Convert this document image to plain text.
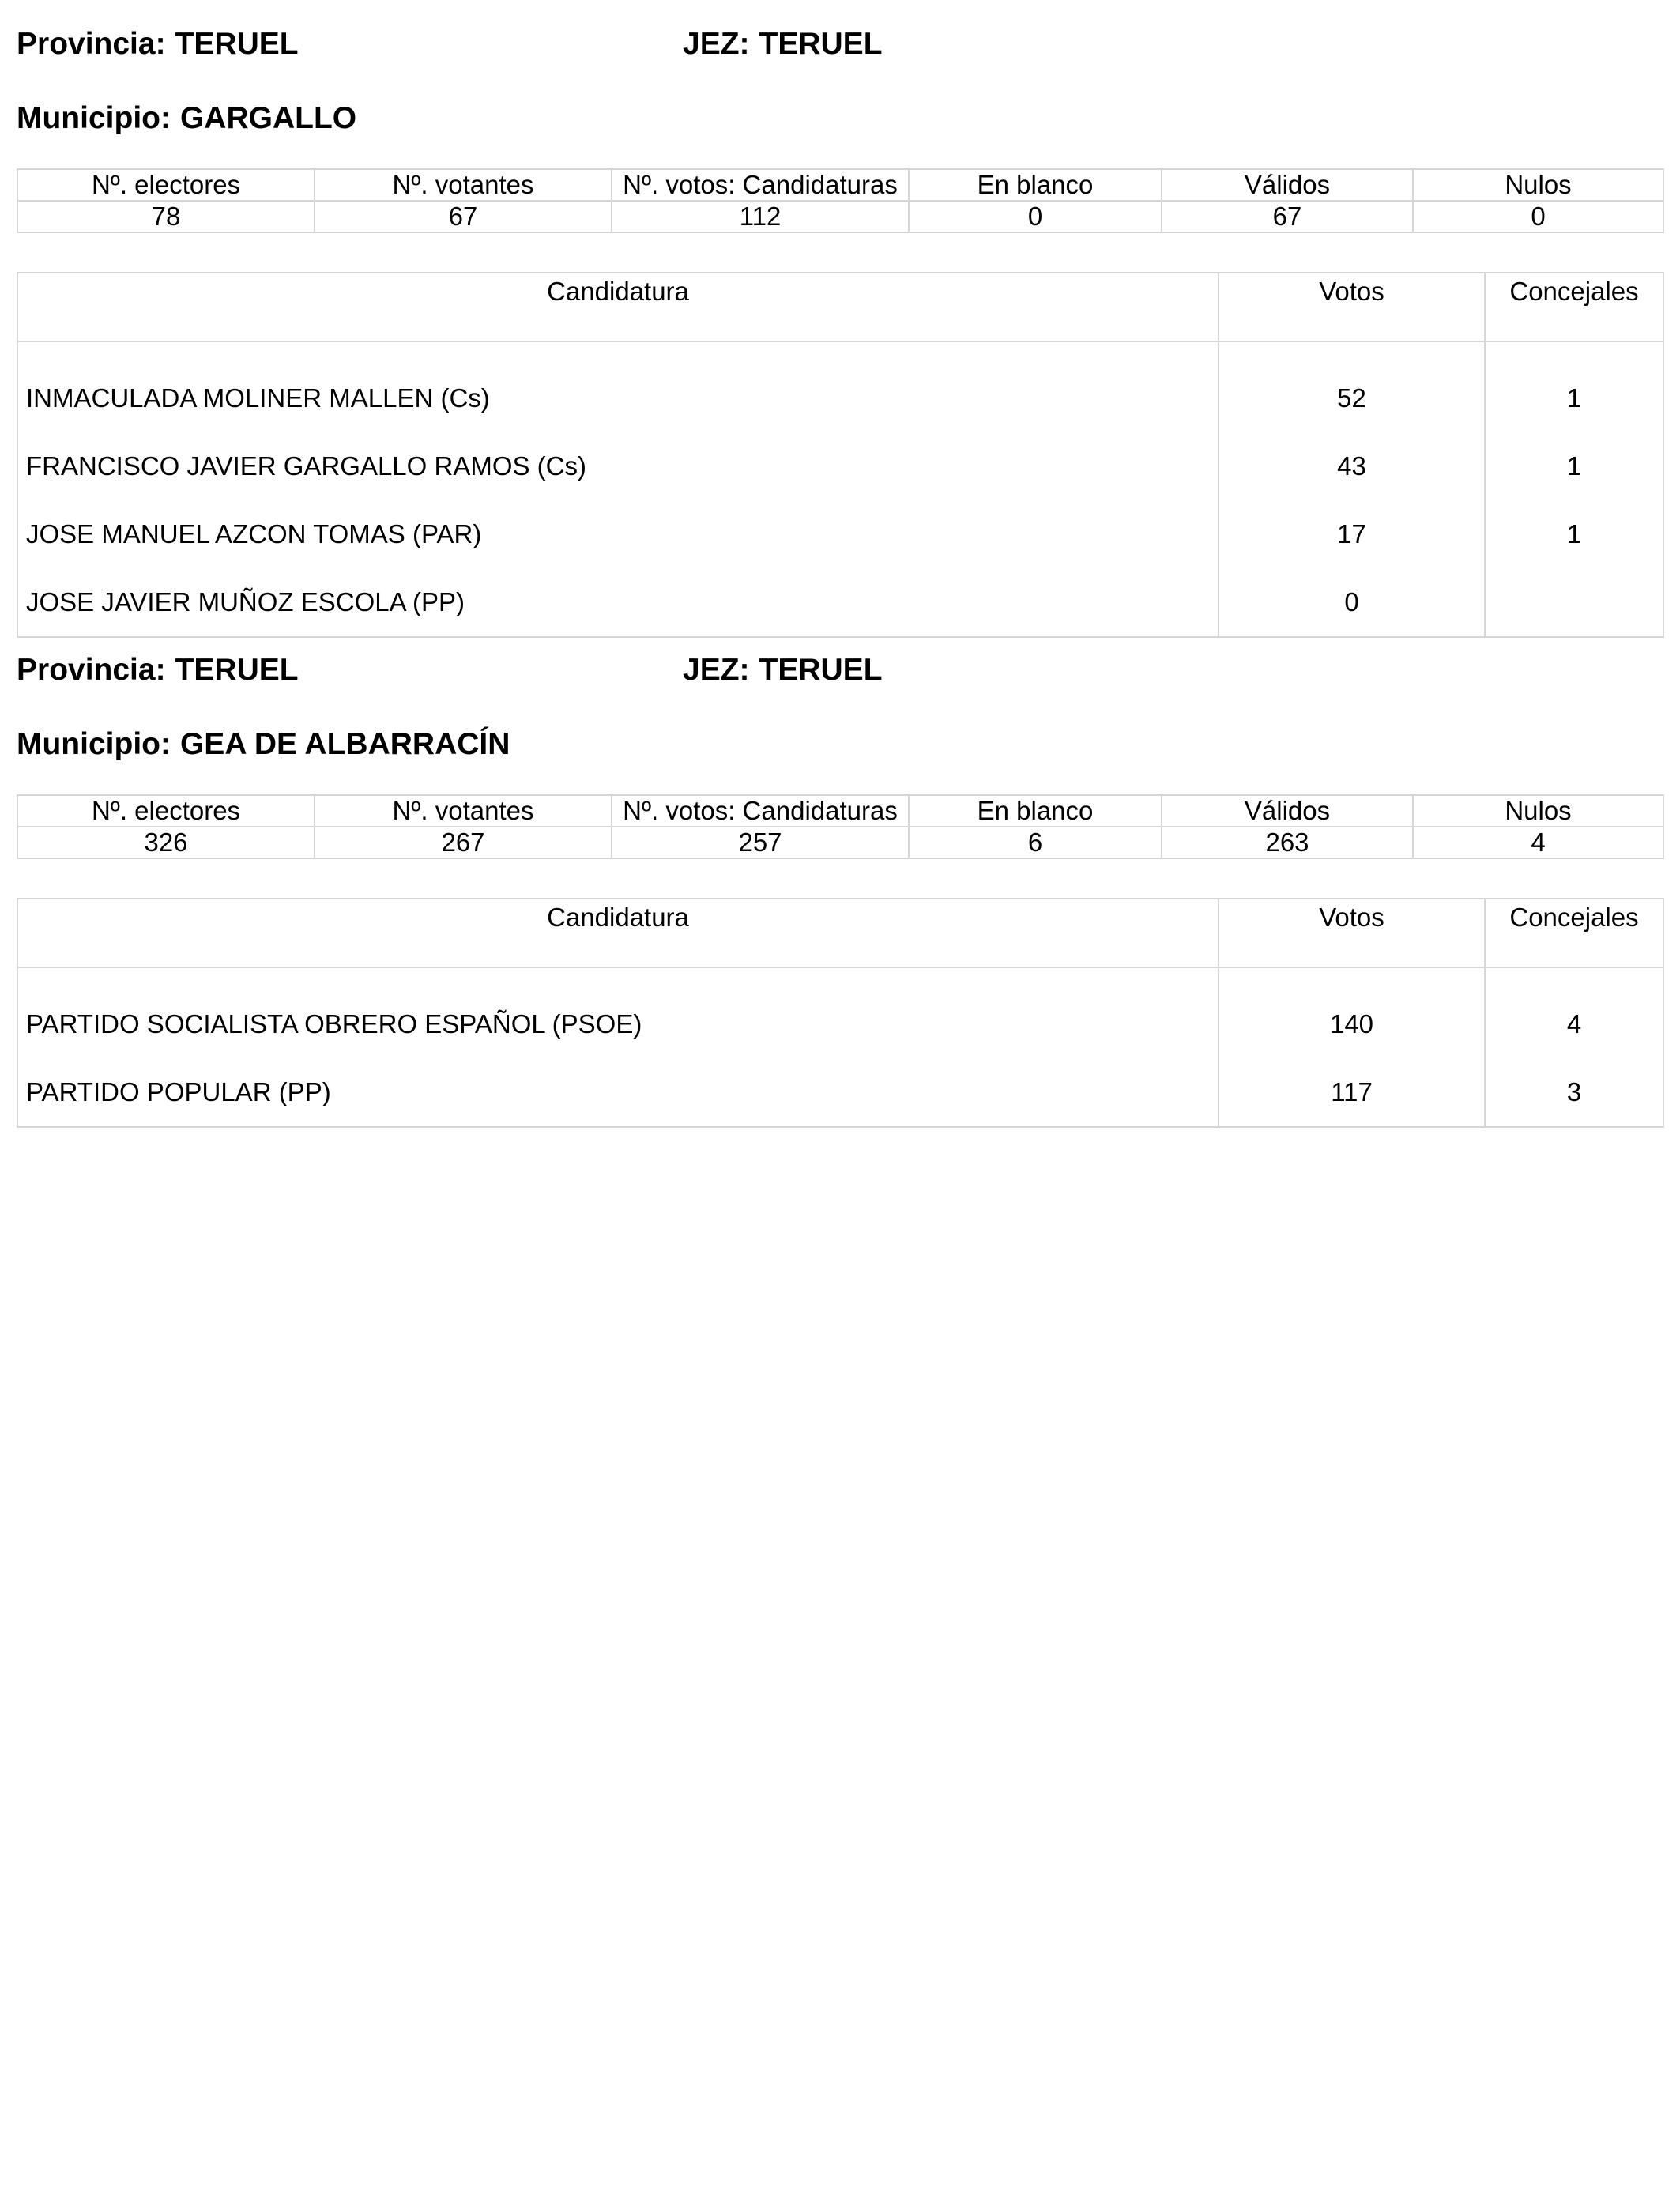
Provincia: TERUEL	JEZ: TERUEL
Municipio: GARGALLO
Nº. electores	Nº. votantes	Nº. votos: Candidaturas	En blanco	Válidos	Nulos
78	67	112	0	67	0
Candidatura	Votos	Concejales
INMACULADA MOLINER MALLEN (Cs)	52	1
FRANCISCO JAVIER GARGALLO RAMOS (Cs)	43	1
JOSE MANUEL AZCON TOMAS (PAR)	17	1
JOSE JAVIER MUÑOZ ESCOLA (PP)	0	
Provincia: TERUEL	JEZ: TERUEL
Municipio: GEA DE ALBARRACÍN
Nº. electores	Nº. votantes	Nº. votos: Candidaturas	En blanco	Válidos	Nulos
326	267	257	6	263	4
Candidatura	Votos	Concejales
PARTIDO SOCIALISTA OBRERO ESPAÑOL (PSOE)	140	4
PARTIDO POPULAR (PP)	117	3
